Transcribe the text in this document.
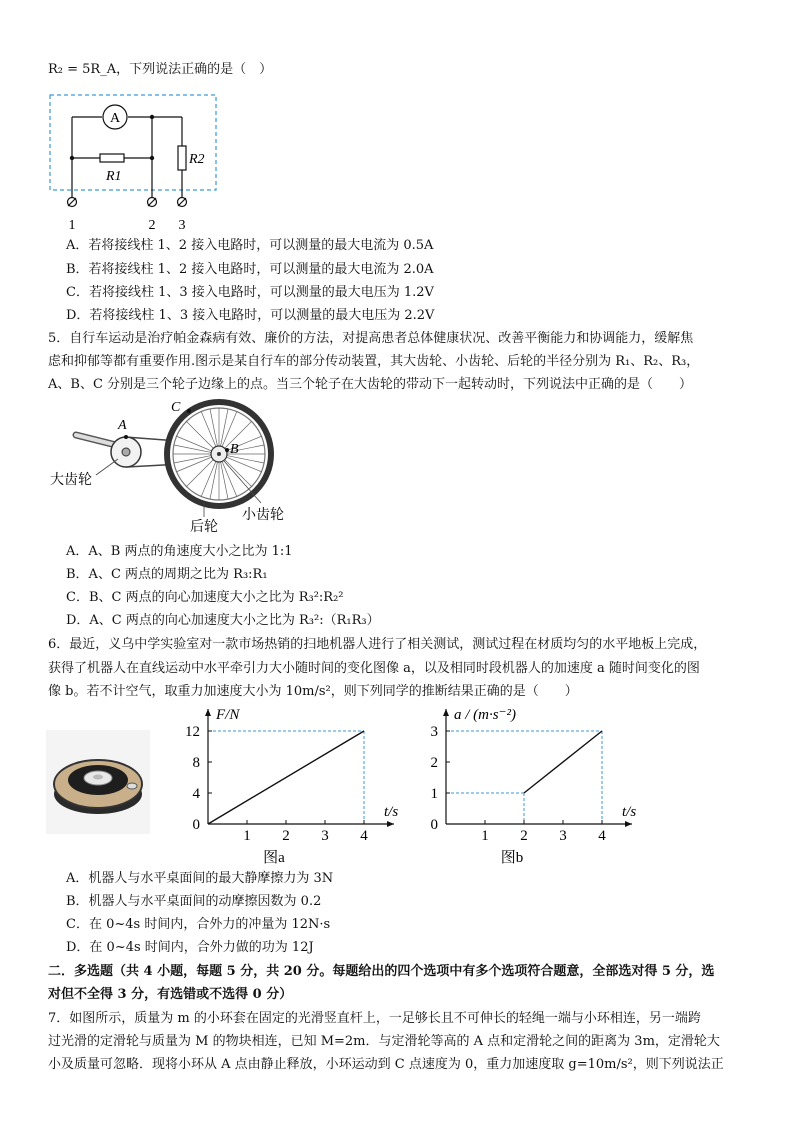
R₂ = 5R_A，下列说法正确的是（　）
A
R1
R2
1	2 3
A．若将接线柱 1、2 接入电路时，可以测量的最大电流为 0.5A
B．若将接线柱 1、2 接入电路时，可以测量的最大电流为 2.0A
C．若将接线柱 1、3 接入电路时，可以测量的最大电压为 1.2V
D．若将接线柱 1、3 接入电路时，可以测量的最大电压为 2.2V
5．自行车运动是治疗帕金森病有效、廉价的方法，对提高患者总体健康状况、改善平衡能力和协调能力，缓解焦
虑和抑郁等都有重要作用.图示是某自行车的部分传动装置，其大齿轮、小齿轮、后轮的半径分别为 R₁、R₂、R₃，
A、B、C 分别是三个轮子边缘上的点。当三个轮子在大齿轮的带动下一起转动时，下列说法中正确的是（　　）
A
B
C
大齿轮
后轮
小齿轮
A．A、B 两点的角速度大小之比为 1:1
B．A、C 两点的周期之比为 R₃:R₁
C．B、C 两点的向心加速度大小之比为 R₃²:R₂²
D．A、C 两点的向心加速度大小之比为 R₃²:（R₁R₃）
6．最近，义乌中学实验室对一款市场热销的扫地机器人进行了相关测试，测试过程在材质均匀的水平地板上完成，
获得了机器人在直线运动中水平牵引力大小随时间的变化图像 a，以及相同时段机器人的加速度 a 随时间变化的图
像 b。若不计空气，取重力加速度大小为 10m/s²，则下列同学的推断结果正确的是（　　）
1 2 3 4
0
4
8
12
t/s
F/N
图a
1 2 3 4
0
1
2
3
t/s
a / (m·s⁻²)
图b
A．机器人与水平桌面间的最大静摩擦力为 3N
B．机器人与水平桌面间的动摩擦因数为 0.2
C．在 0~4s 时间内，合外力的冲量为 12N·s
D．在 0~4s 时间内，合外力做的功为 12J
二．多选题（共 4 小题，每题 5 分，共 20 分。每题给出的四个选项中有多个选项符合题意，全部选对得 5 分，选
对但不全得 3 分，有选错或不选得 0 分）
7．如图所示，质量为 m 的小环套在固定的光滑竖直杆上，一足够长且不可伸长的轻绳一端与小环相连，另一端跨
过光滑的定滑轮与质量为 M 的物块相连，已知 M=2m．与定滑轮等高的 A 点和定滑轮之间的距离为 3m，定滑轮大
小及质量可忽略．现将小环从 A 点由静止释放，小环运动到 C 点速度为 0，重力加速度取 g=10m/s²，则下列说法正
